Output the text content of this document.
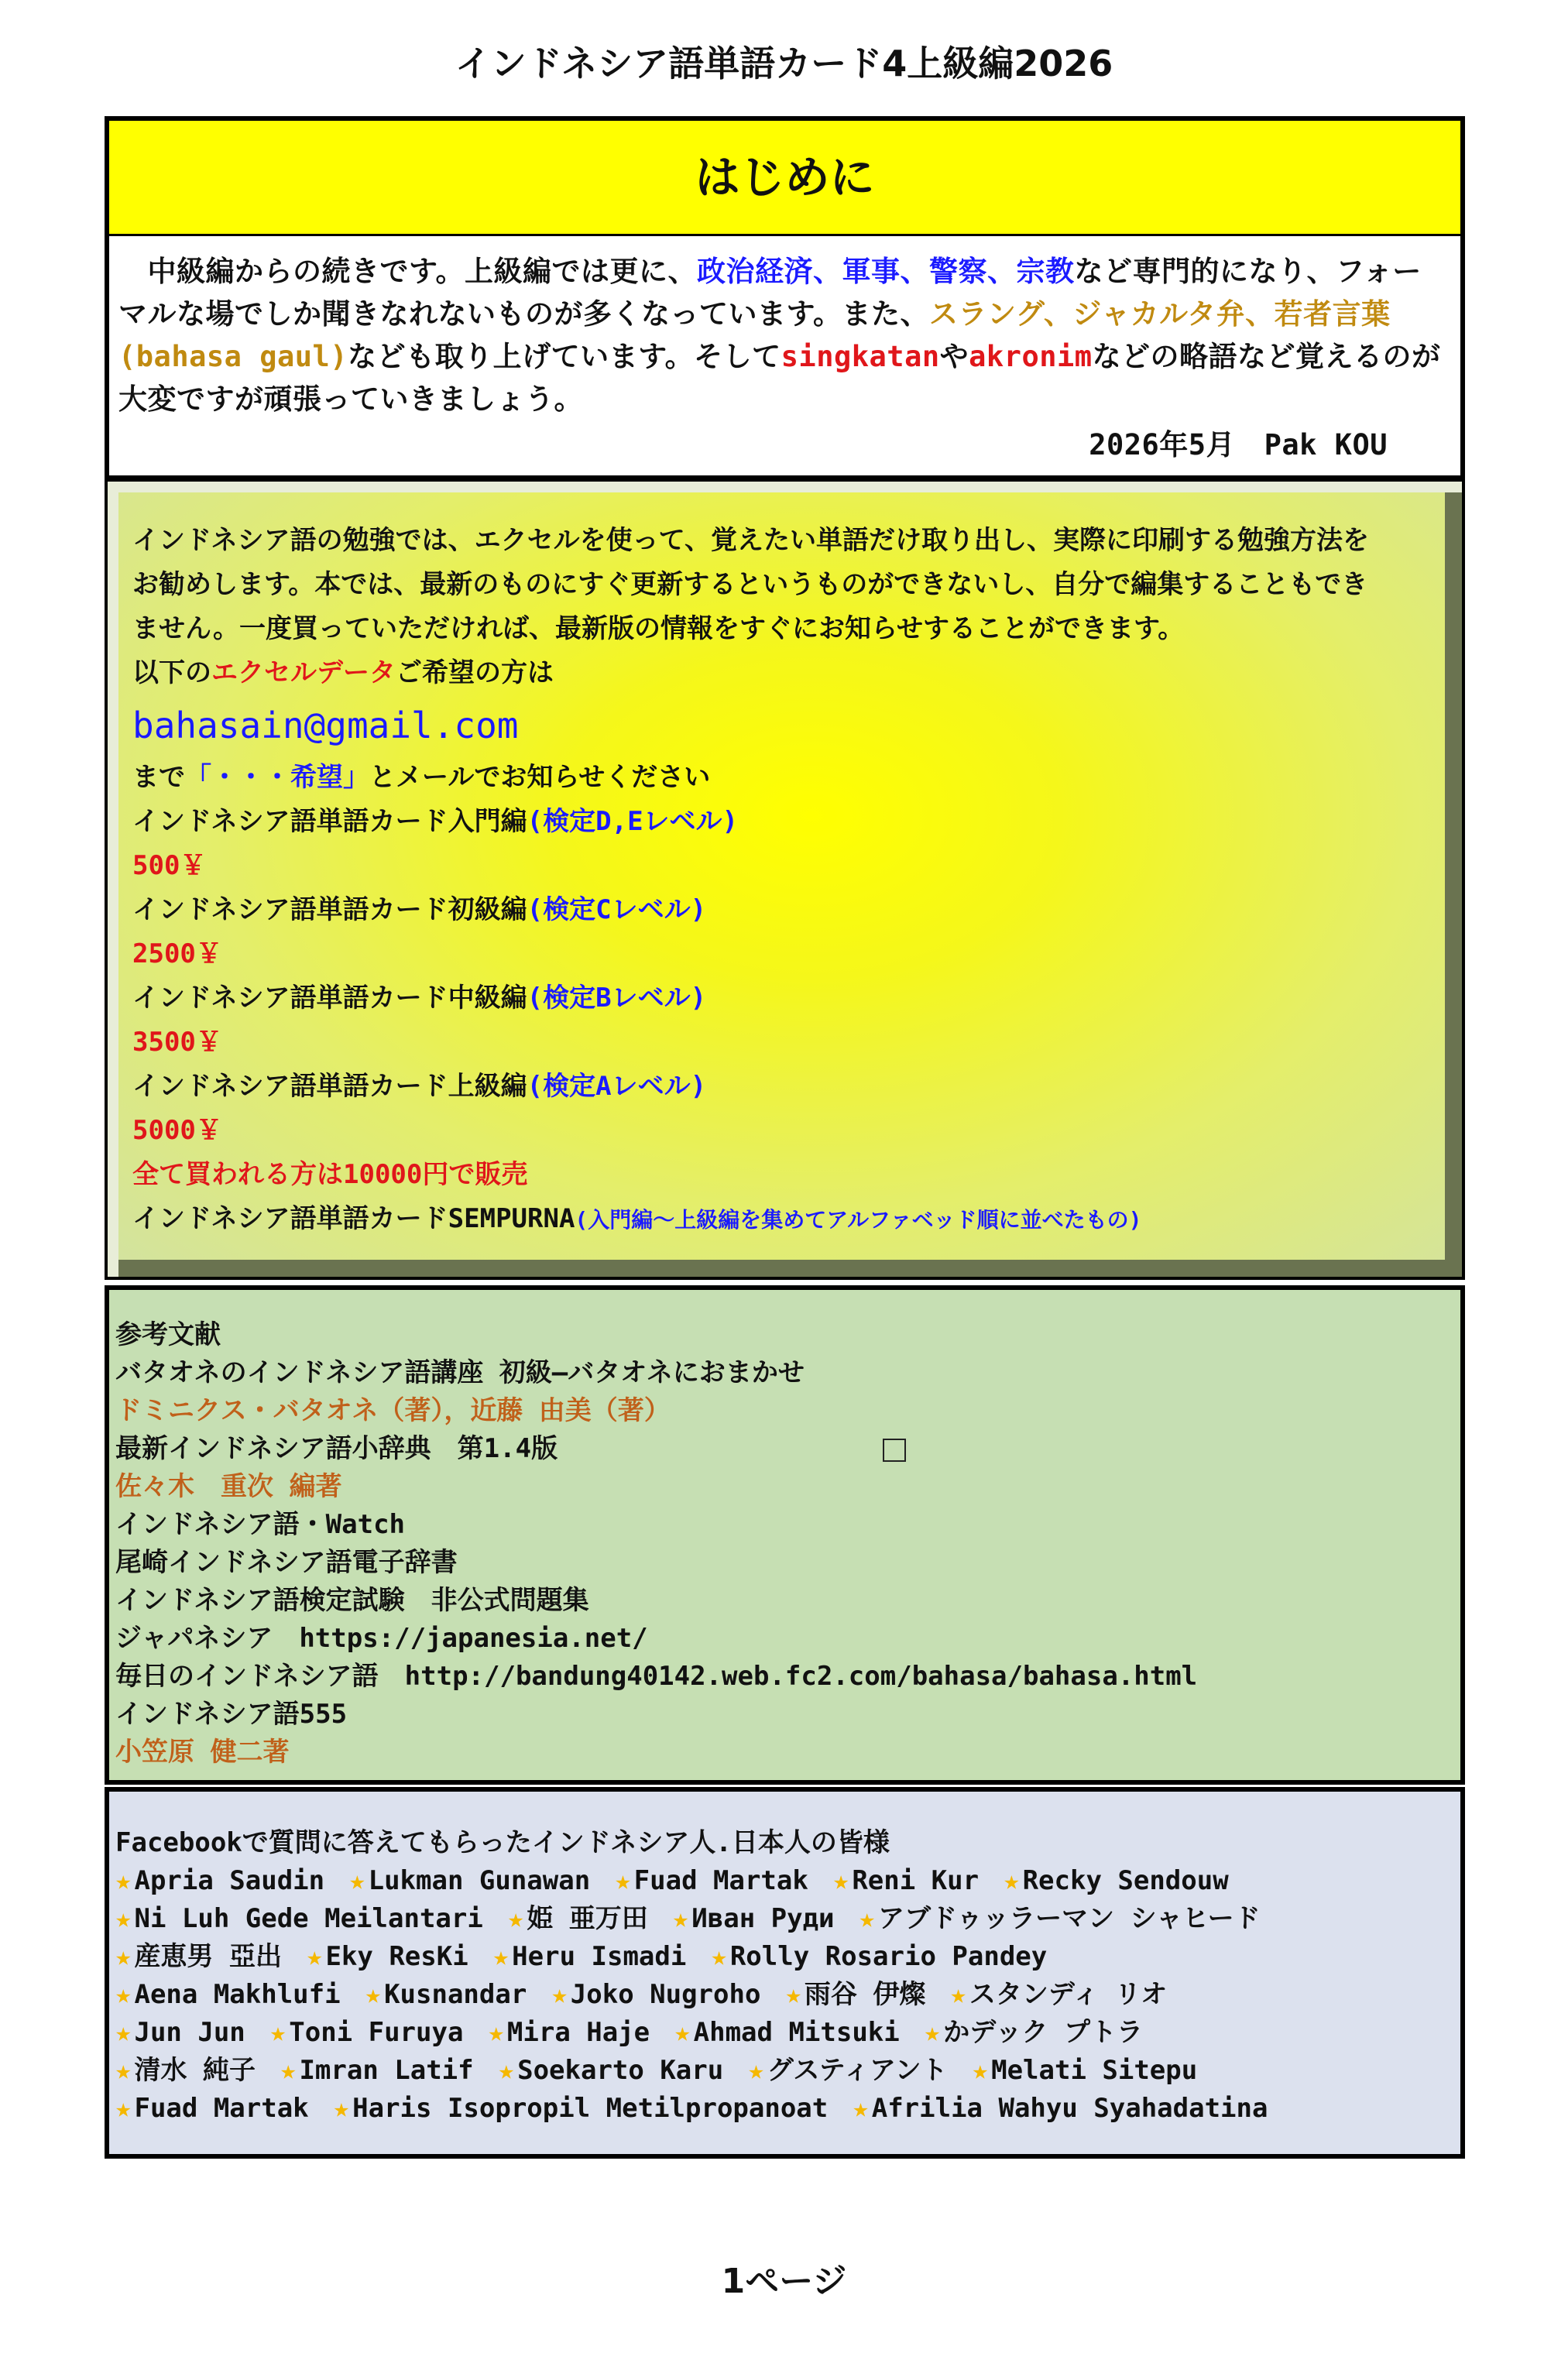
インドネシア語単語カード4上級編2026
はじめに

　中級編からの続きです。上級編では更に、政治経済、軍事、警察、宗教など専門的になり、フォーマルな場でしか聞きなれないものが多くなっています。また、スラング、ジャカルタ弁、若者言葉(bahasa gaul)なども取り上げています。そしてsingkatanやakronimなどの略語など覚えるのが大変ですが頑張っていきましょう。

2026年5月　Pak KOU

インドネシア語の勉強では、エクセルを使って、覚えたい単語だけ取り出し、実際に印刷する勉強方法を
お勧めします。本では、最新のものにすぐ更新するというものができないし、自分で編集することもでき
ません。一度買っていただければ、最新版の情報をすぐにお知らせすることができます。
以下のエクセルデータご希望の方は
bahasain@gmail.com
まで「・・・希望」とメールでお知らせください
インドネシア語単語カード入門編(検定D,Eレベル)
500￥
インドネシア語単語カード初級編(検定Cレベル)
2500￥
インドネシア語単語カード中級編(検定Bレベル)
3500￥
インドネシア語単語カード上級編(検定Aレベル)
5000￥
全て買われる方は10000円で販売
インドネシア語単語カードSEMPURNA(入門編～上級編を集めてアルファベッド順に並べたもの)
参考文献
バタオネのインドネシア語講座 初級―バタオネにおまかせ
ドミニクス・バタオネ（著），近藤 由美（著）
最新インドネシア語小辞典　第1.4版
佐々木　重次 編著
インドネシア語・Watch
尾崎インドネシア語電子辞書
インドネシア語検定試験　非公式問題集
ジャパネシア　https://japanesia.net/
毎日のインドネシア語　http://bandung40142.web.fc2.com/bahasa/bahasa.html
インドネシア語555
小笠原 健二著
Facebookで質問に答えてもらったインドネシア人.日本人の皆様
★ Apria Saudin ★ Lukman Gunawan ★ Fuad Martak ★ Reni Kur ★ Recky Sendouw
★ Ni Luh Gede Meilantari ★ 姫 亜万田 ★ Иван Руди ★ アブドゥッラーマン シャヒード
★ 産恵男 亞出 ★ Eky ResKi ★ Heru Ismadi ★ Rolly Rosario Pandey
★ Aena Makhlufi ★ Kusnandar ★ Joko Nugroho ★ 雨谷 伊燦 ★ スタンディ リオ
★ Jun Jun ★ Toni Furuya ★ Mira Haje ★ Ahmad Mitsuki ★ かデック プトラ
★ 清水 純子 ★ Imran Latif ★ Soekarto Karu ★ グスティアント ★ Melati Sitepu
★ Fuad Martak ★ Haris Isopropil Metilpropanoat ★ Afrilia Wahyu Syahadatina
1ページ
